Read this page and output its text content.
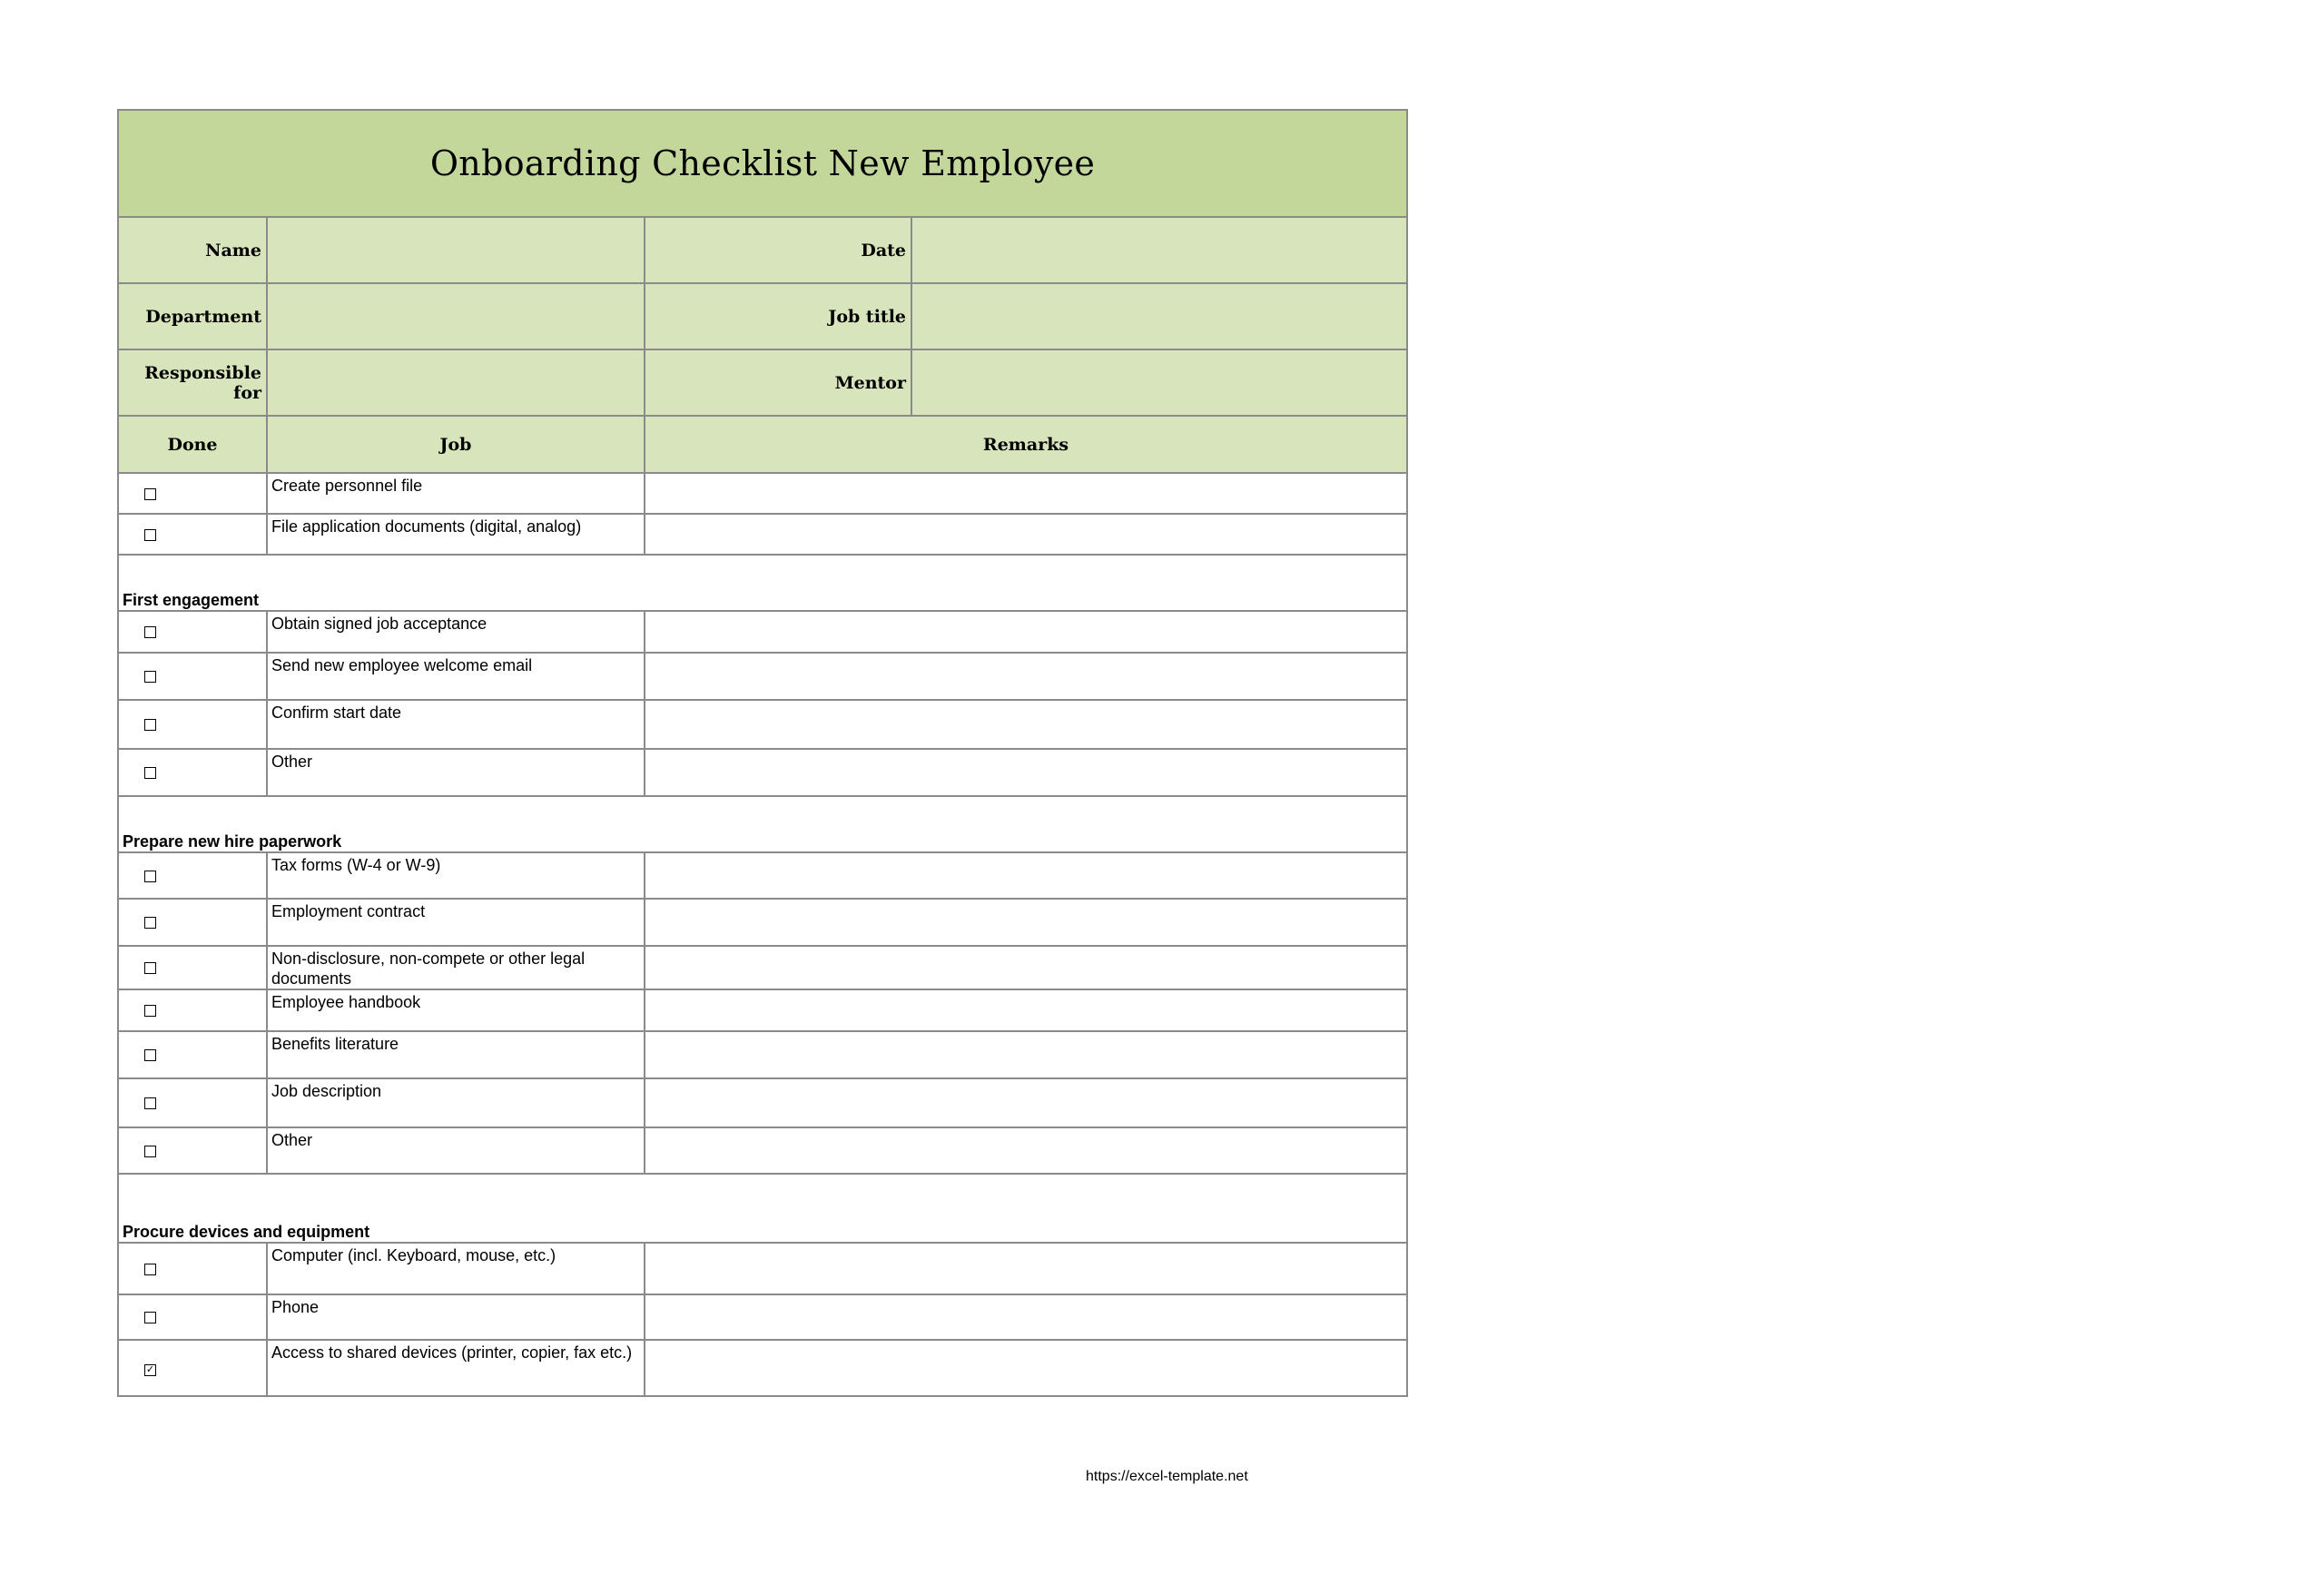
Onboarding Checklist New Employee			
Name		Date	
Department		Job title	
Responsible for		Mentor	
Done	Job	Remarks	
	Create personnel file		
	File application documents (digital, analog)		
First engagement			
	Obtain signed job acceptance		
	Send new employee welcome email		
	Confirm start date		
	Other		
Prepare new hire paperwork			
	Tax forms (W-4 or W-9)		
	Employment contract		
	Non-disclosure, non-compete or other legal documents		
	Employee handbook		
	Benefits literature		
	Job description		
	Other		
Procure devices and equipment			
	Computer (incl. Keyboard, mouse, etc.)		
	Phone		
✓	Access to shared devices (printer, copier, fax etc.)		
https://excel-template.net
